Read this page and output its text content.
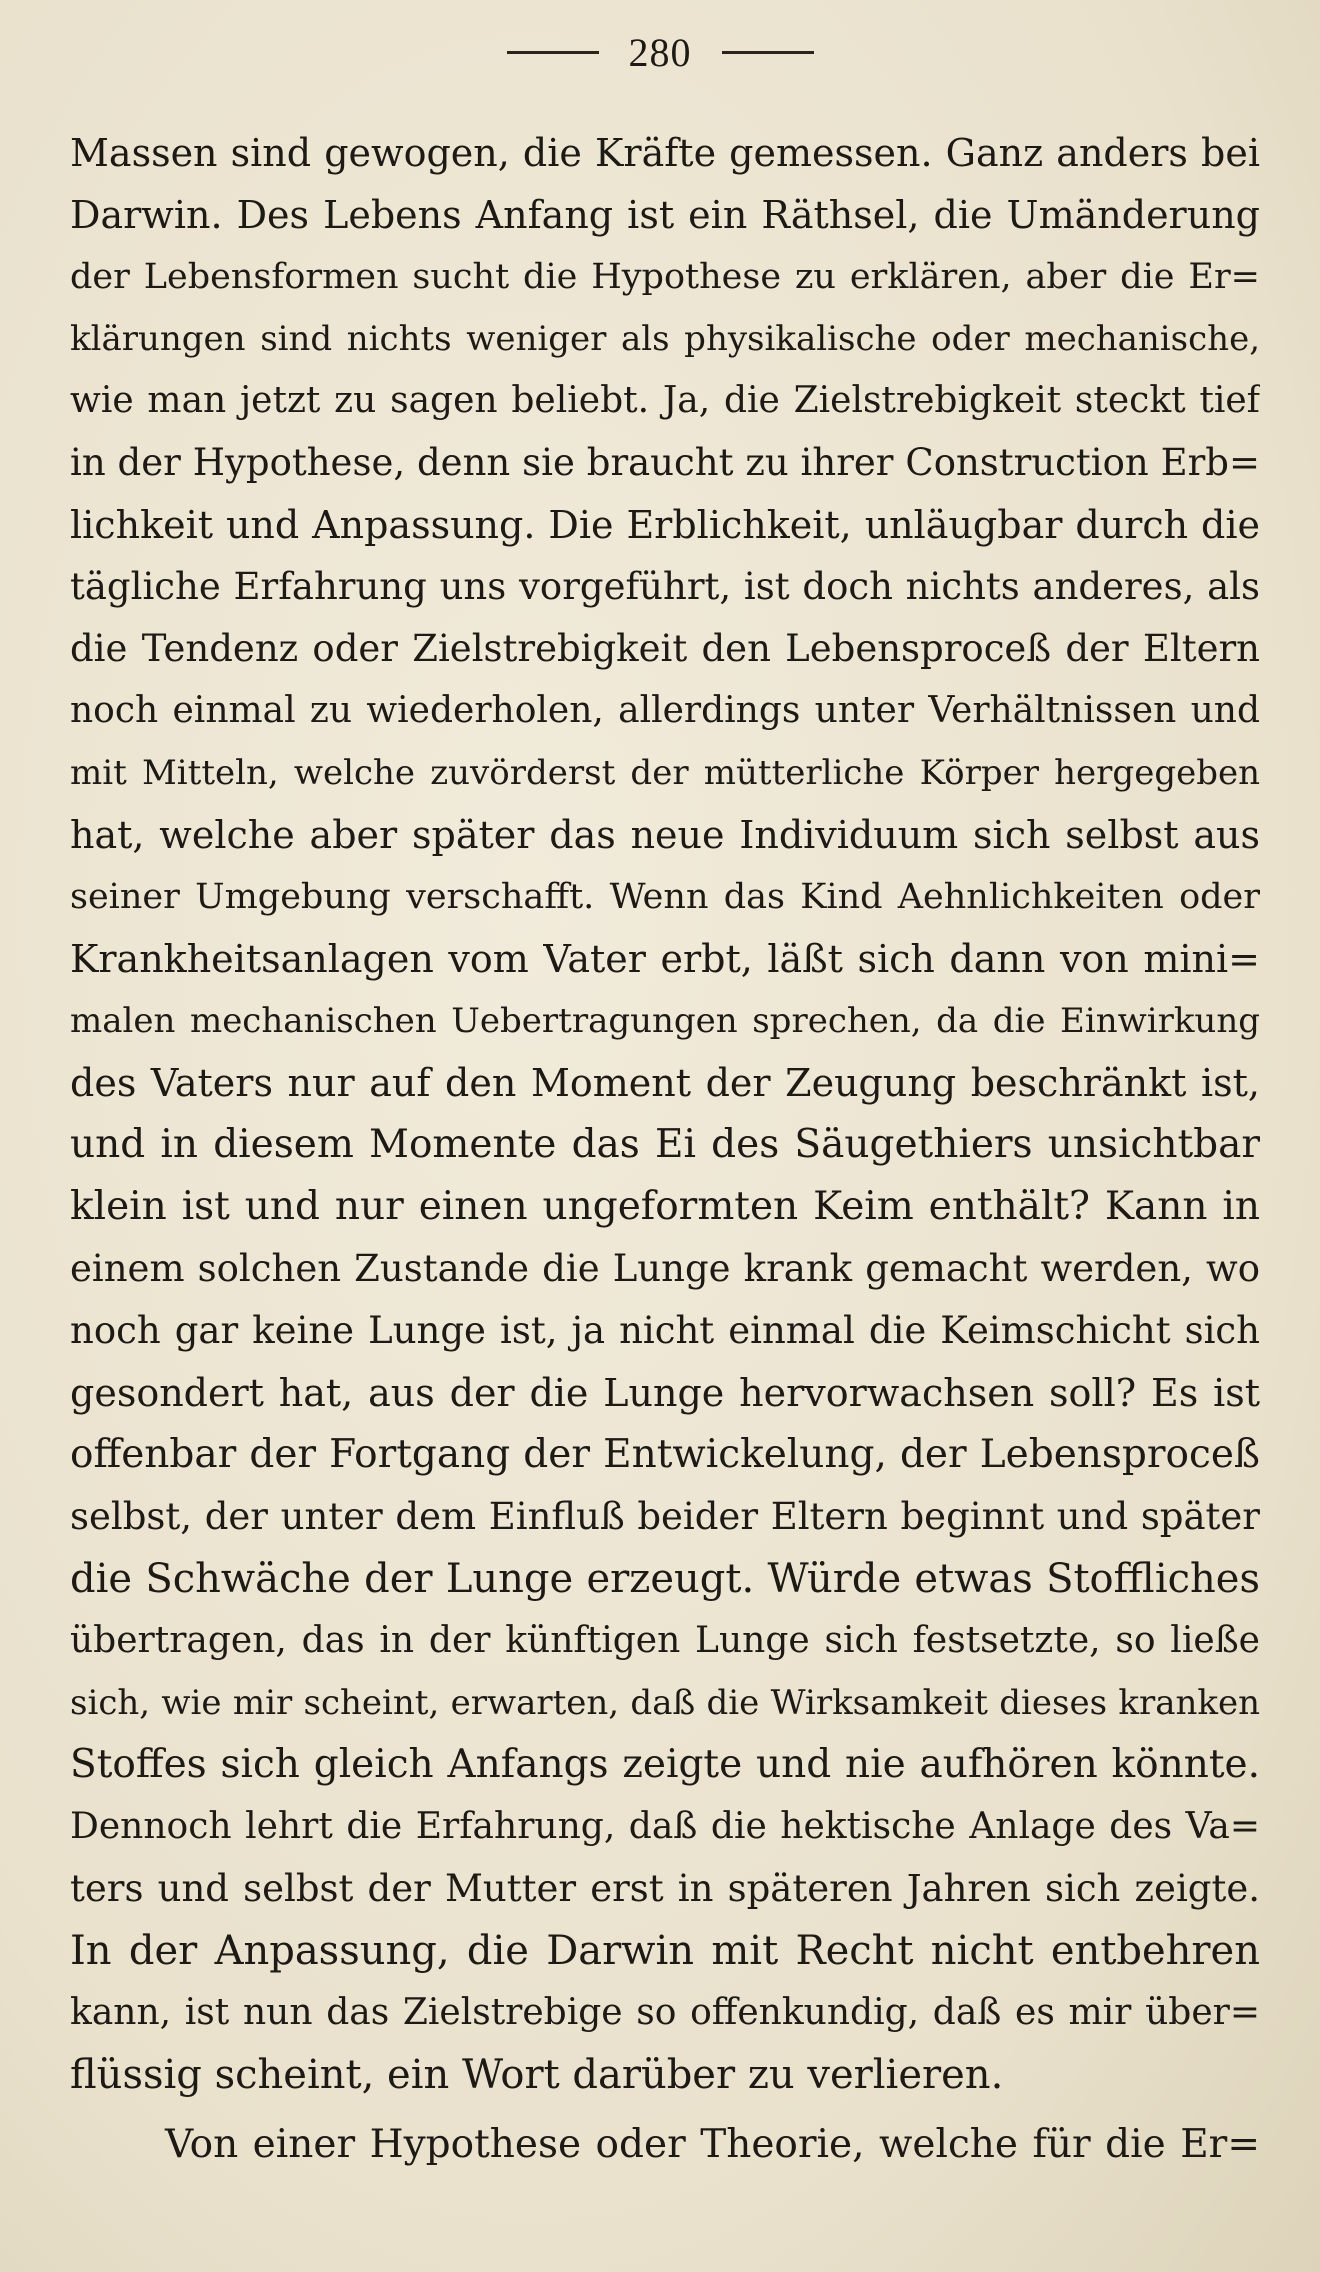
280
Massen sind gewogen, die Kräfte gemessen. Ganz anders bei
Darwin. Des Lebens Anfang ist ein Räthsel, die Umänderung
der Lebensformen sucht die Hypothese zu erklären, aber die Er=
klärungen sind nichts weniger als physikalische oder mechanische,
wie man jetzt zu sagen beliebt. Ja, die Zielstrebigkeit steckt tief
in der Hypothese, denn sie braucht zu ihrer Construction Erb=
lichkeit und Anpassung. Die Erblichkeit, unläugbar durch die
tägliche Erfahrung uns vorgeführt, ist doch nichts anderes, als
die Tendenz oder Zielstrebigkeit den Lebensproceß der Eltern
noch einmal zu wiederholen, allerdings unter Verhältnissen und
mit Mitteln, welche zuvörderst der mütterliche Körper hergegeben
hat, welche aber später das neue Individuum sich selbst aus
seiner Umgebung verschafft. Wenn das Kind Aehnlichkeiten oder
Krankheitsanlagen vom Vater erbt, läßt sich dann von mini=
malen mechanischen Uebertragungen sprechen, da die Einwirkung
des Vaters nur auf den Moment der Zeugung beschränkt ist,
und in diesem Momente das Ei des Säugethiers unsichtbar
klein ist und nur einen ungeformten Keim enthält? Kann in
einem solchen Zustande die Lunge krank gemacht werden, wo
noch gar keine Lunge ist, ja nicht einmal die Keimschicht sich
gesondert hat, aus der die Lunge hervorwachsen soll? Es ist
offenbar der Fortgang der Entwickelung, der Lebensproceß
selbst, der unter dem Einfluß beider Eltern beginnt und später
die Schwäche der Lunge erzeugt. Würde etwas Stoffliches
übertragen, das in der künftigen Lunge sich festsetzte, so ließe
sich, wie mir scheint, erwarten, daß die Wirksamkeit dieses kranken
Stoffes sich gleich Anfangs zeigte und nie aufhören könnte.
Dennoch lehrt die Erfahrung, daß die hektische Anlage des Va=
ters und selbst der Mutter erst in späteren Jahren sich zeigte.
In der Anpassung, die Darwin mit Recht nicht entbehren
kann, ist nun das Zielstrebige so offenkundig, daß es mir über=
flüssig scheint, ein Wort darüber zu verlieren.
Von einer Hypothese oder Theorie, welche für die Er=
